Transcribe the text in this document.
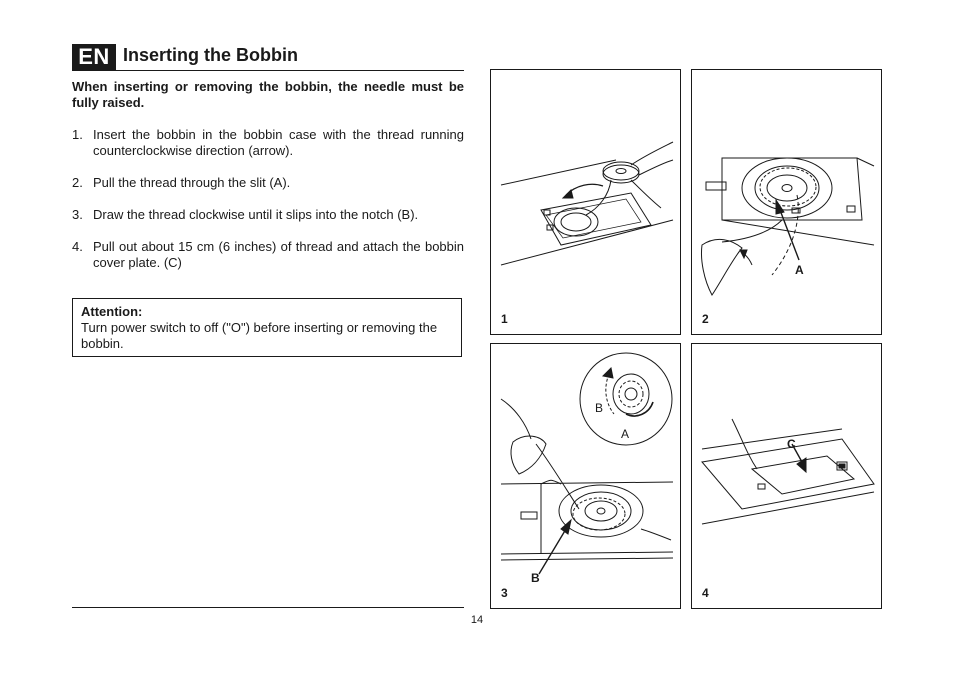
EN Inserting the Bobbin
When inserting or removing the bobbin, the needle must be fully raised.
1. Insert the bobbin in the bobbin case with the thread running counterclockwise direction (arrow).
2. Pull the thread through the slit (A).
3. Draw the thread clockwise until it slips into the notch (B).
4. Pull out about 15 cm (6 inches) of thread and attach the bobbin cover plate. (C)
Attention:
Turn power switch to off ("O") before inserting or removing the bobbin.
14
1
A
2
B
A
B
3
C
4
